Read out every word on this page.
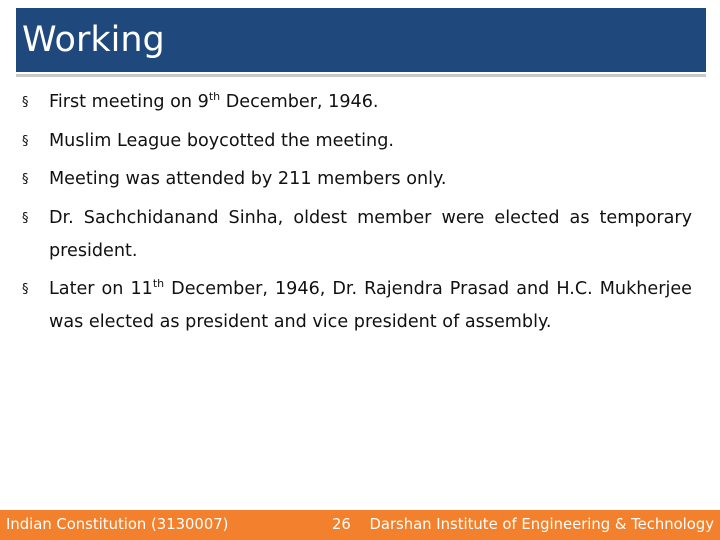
Working
§ First meeting on 9th December, 1946.
§ Muslim League boycotted the meeting.
§ Meeting was attended by 211 members only.
§ Dr. Sachchidanand Sinha, oldest member were elected as temporary president.
§ Later on 11th December, 1946, Dr. Rajendra Prasad and H.C. Mukherjee was elected as president and vice president of assembly.
Indian Constitution (3130007)	26 Darshan Institute of Engineering & Technology
